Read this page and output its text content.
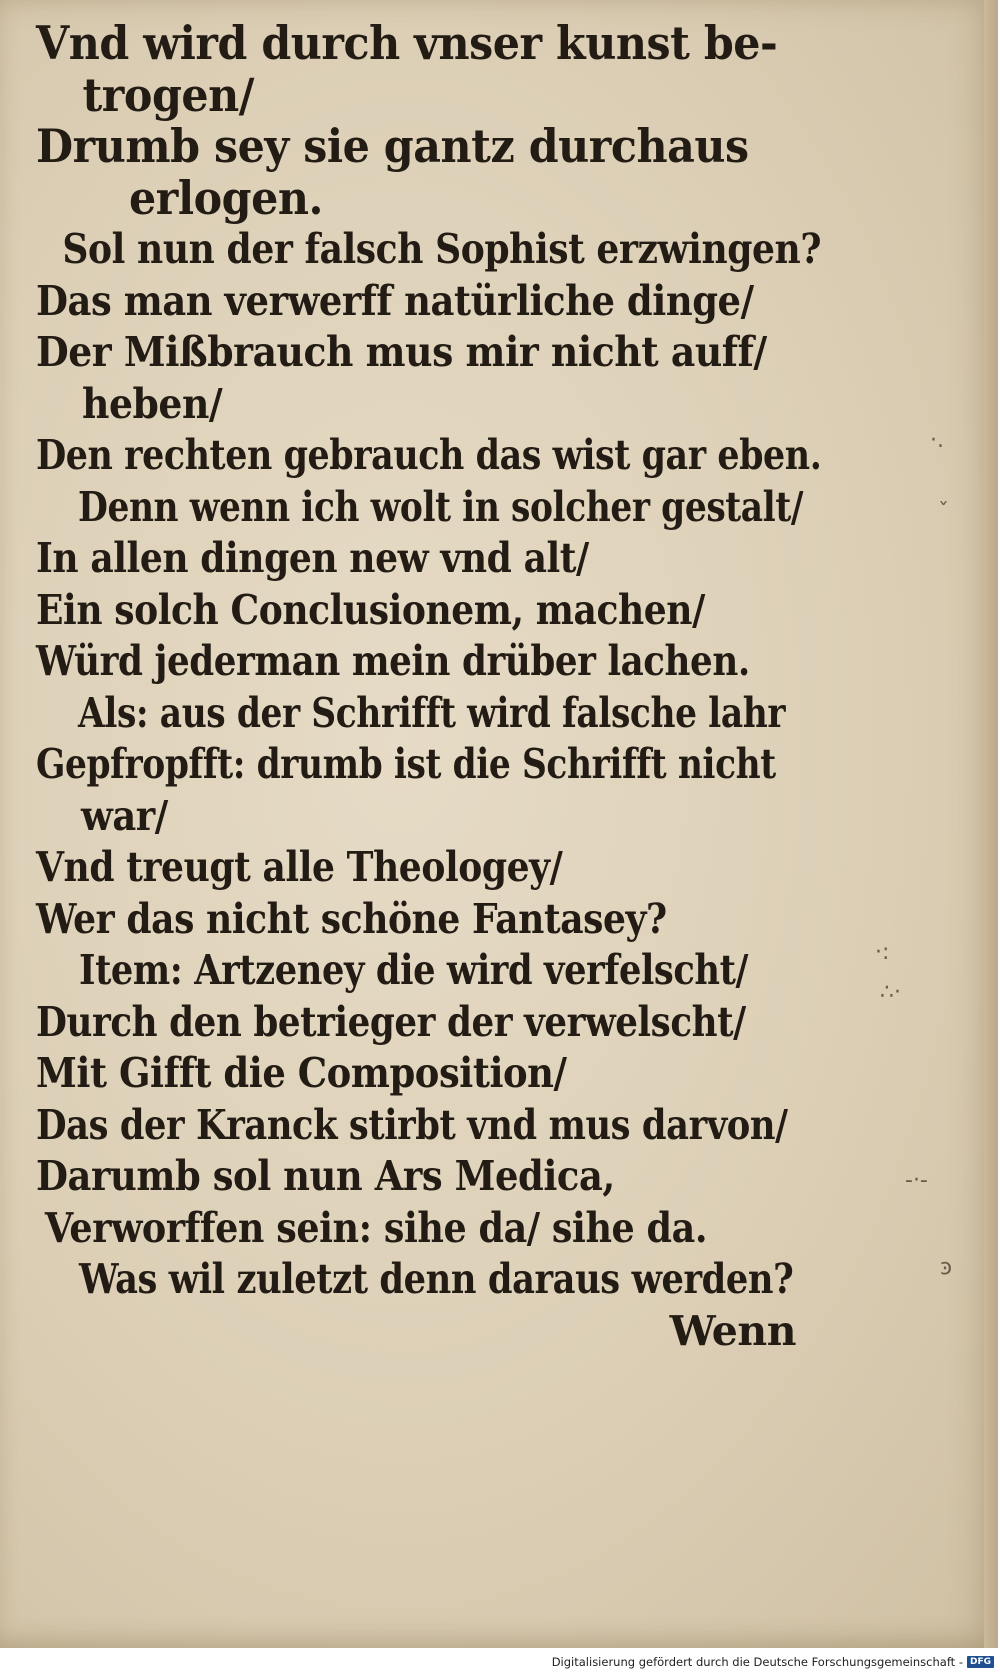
Vnd wird durch vnser kunst be-
trogen/
Drumb sey sie gantz durchaus
erlogen.
Sol nun der falsch Sophist erzwingen?
Das man verwerff natürliche dinge/
Der Mißbrauch mus mir nicht auff/
heben/
Den rechten gebrauch das wist gar eben.
Denn wenn ich wolt in solcher gestalt/
In allen dingen new vnd alt/
Ein solch Conclusionem, machen/
Würd jederman mein drüber lachen.
Als: aus der Schrifft wird falsche lahr
Gepfropfft: drumb ist die Schrifft nicht
war/
Vnd treugt alle Theologey/
Wer das nicht schöne Fantasey?
Item: Artzeney die wird verfelscht/
Durch den betrieger der verwelscht/
Mit Gifft die Composition/
Das der Kranck stirbt vnd mus darvon/
Darumb sol nun Ars Medica,
Verworffen sein: sihe da/ sihe da.
Was wil zuletzt denn daraus werden?
Wenn
·.
ˇ
·:
∴·
-·-
ͽ
Digitalisierung gefördert durch die Deutsche Forschungsgemeinschaft - DFG
